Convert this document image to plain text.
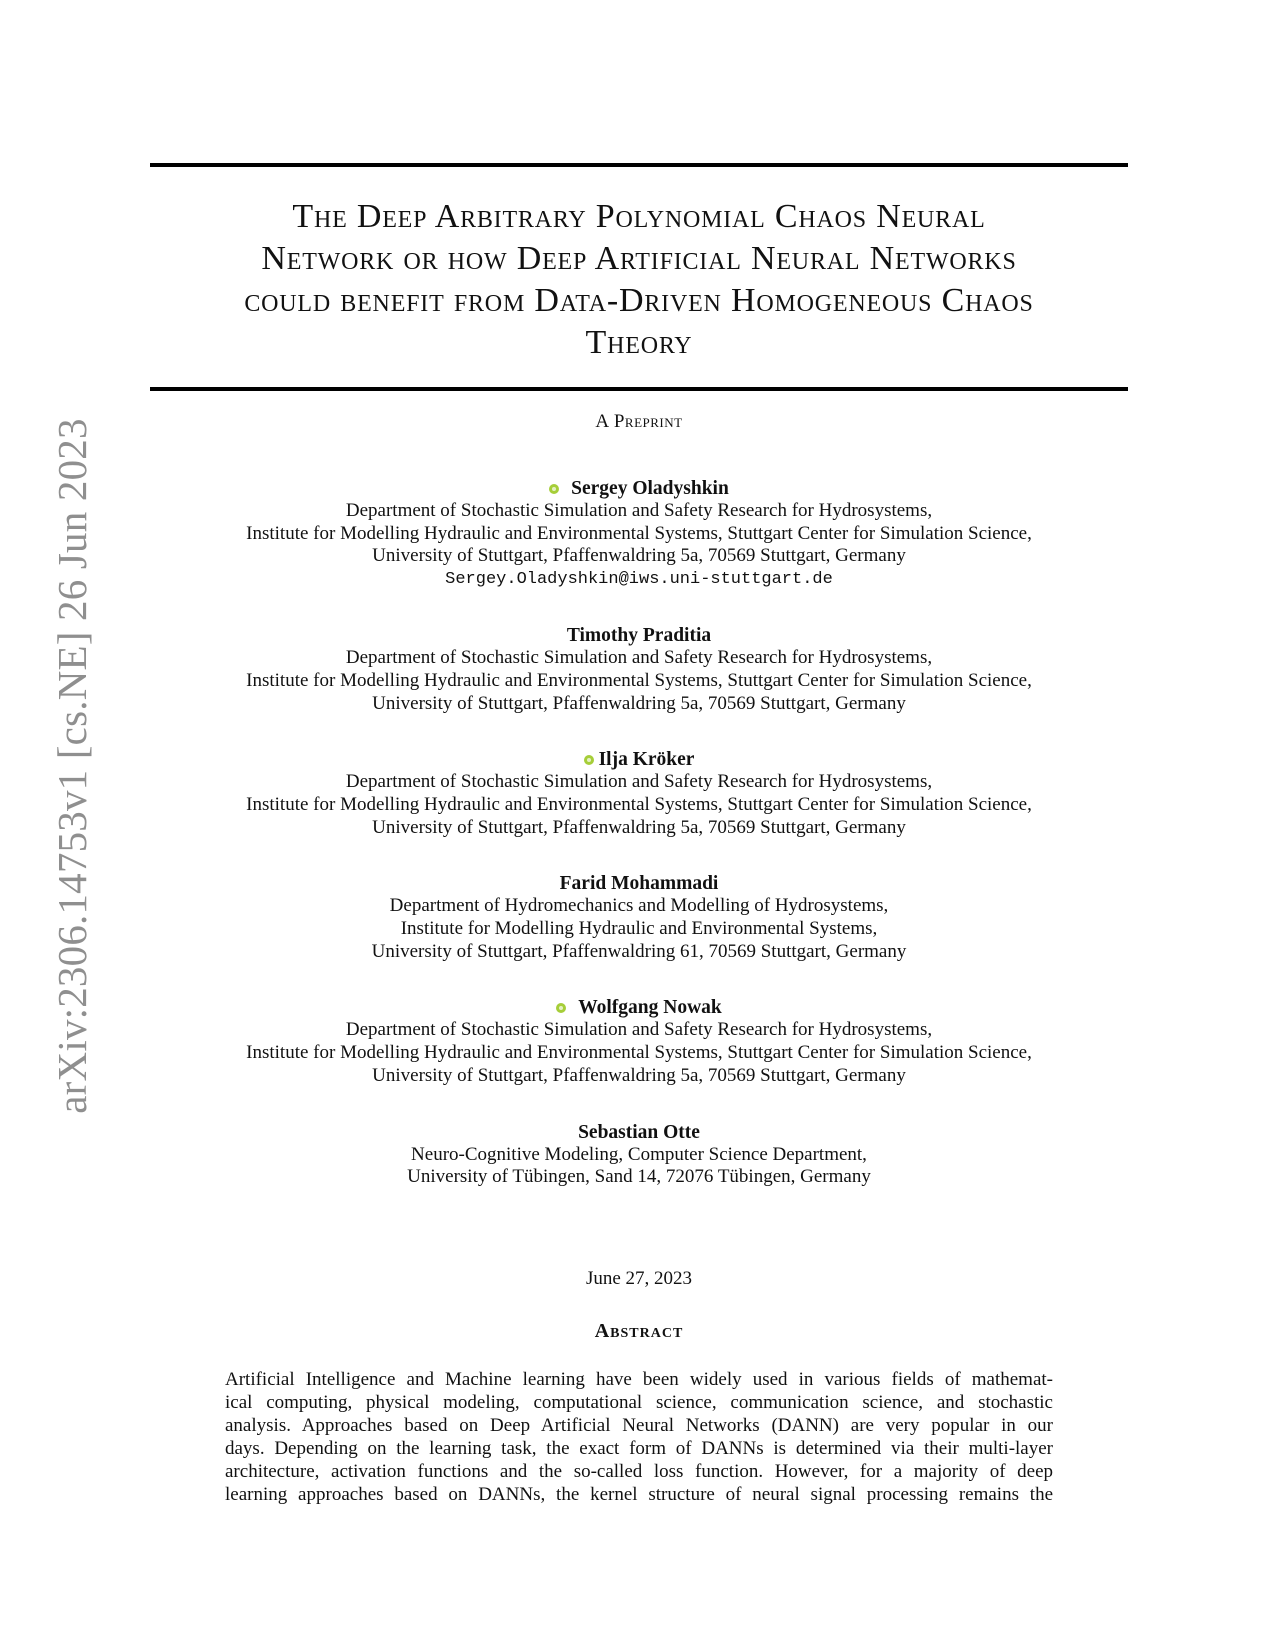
arXiv:2306.14753v1 [cs.NE] 26 Jun 2023
The Deep Arbitrary Polynomial Chaos Neural
Network or how Deep Artificial Neural Networks
could benefit from Data-Driven Homogeneous Chaos
Theory
A Preprint
Sergey Oladyshkin
Department of Stochastic Simulation and Safety Research for Hydrosystems,
Institute for Modelling Hydraulic and Environmental Systems, Stuttgart Center for Simulation Science,
University of Stuttgart, Pfaffenwaldring 5a, 70569 Stuttgart, Germany
Sergey.Oladyshkin@iws.uni-stuttgart.de
Timothy Praditia
Department of Stochastic Simulation and Safety Research for Hydrosystems,
Institute for Modelling Hydraulic and Environmental Systems, Stuttgart Center for Simulation Science,
University of Stuttgart, Pfaffenwaldring 5a, 70569 Stuttgart, Germany
Ilja Kröker
Department of Stochastic Simulation and Safety Research for Hydrosystems,
Institute for Modelling Hydraulic and Environmental Systems, Stuttgart Center for Simulation Science,
University of Stuttgart, Pfaffenwaldring 5a, 70569 Stuttgart, Germany
Farid Mohammadi
Department of Hydromechanics and Modelling of Hydrosystems,
Institute for Modelling Hydraulic and Environmental Systems,
University of Stuttgart, Pfaffenwaldring 61, 70569 Stuttgart, Germany
Wolfgang Nowak
Department of Stochastic Simulation and Safety Research for Hydrosystems,
Institute for Modelling Hydraulic and Environmental Systems, Stuttgart Center for Simulation Science,
University of Stuttgart, Pfaffenwaldring 5a, 70569 Stuttgart, Germany
Sebastian Otte
Neuro-Cognitive Modeling, Computer Science Department,
University of Tübingen, Sand 14, 72076 Tübingen, Germany
June 27, 2023
Abstract
Artificial Intelligence and Machine learning have been widely used in various fields of mathemat-
ical computing, physical modeling, computational science, communication science, and stochastic
analysis. Approaches based on Deep Artificial Neural Networks (DANN) are very popular in our
days. Depending on the learning task, the exact form of DANNs is determined via their multi-layer
architecture, activation functions and the so-called loss function. However, for a majority of deep
learning approaches based on DANNs, the kernel structure of neural signal processing remains the
